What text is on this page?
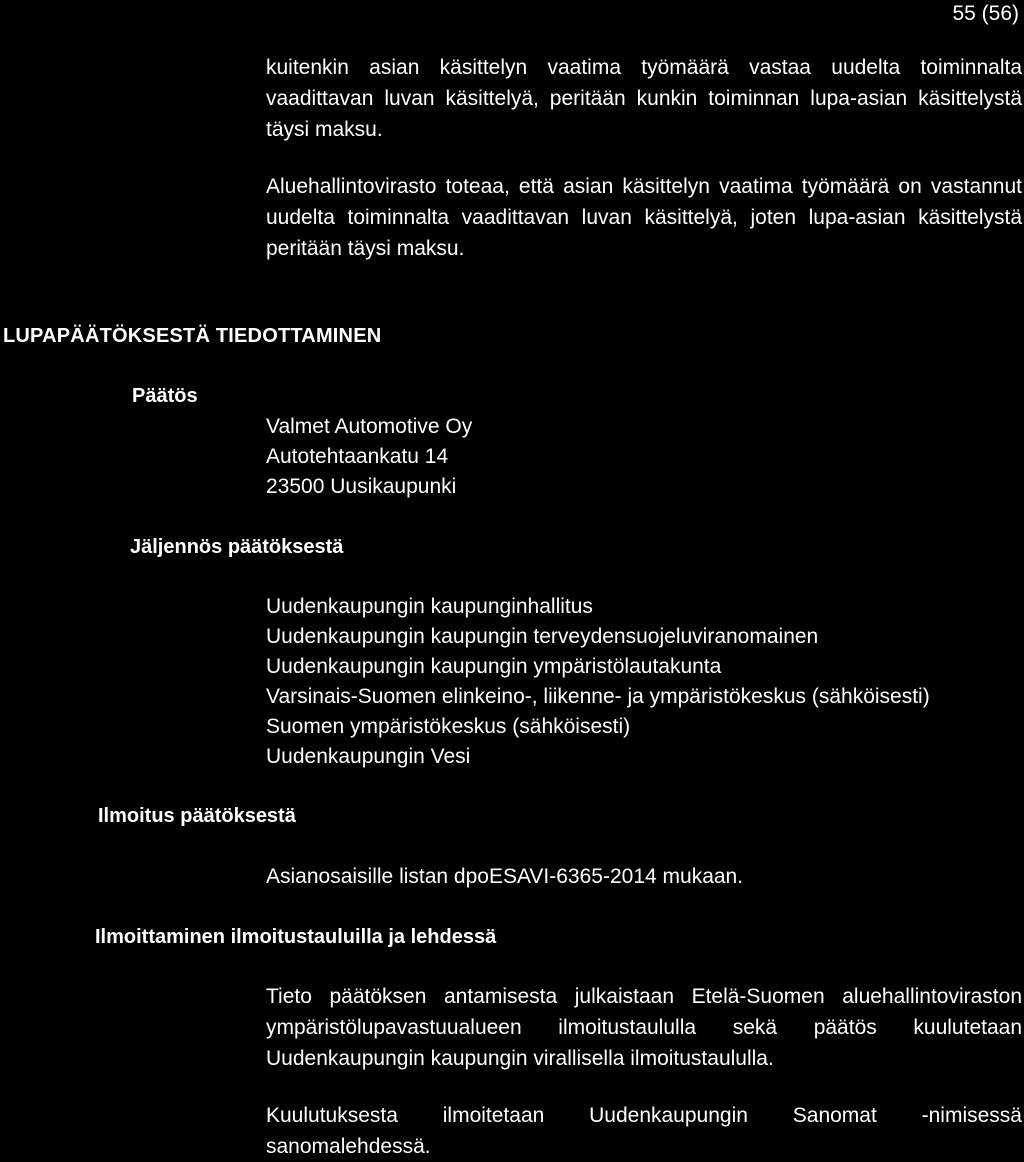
55 (56)

kuitenkin asian käsittelyn vaatima työmäärä vastaa uudelta toiminnalta vaadittavan luvan käsittelyä, peritään kunkin toiminnan lupa-asian käsittelystä täysi maksu.

Aluehallintovirasto toteaa, että asian käsittelyn vaatima työmäärä on vastannut uudelta toiminnalta vaadittavan luvan käsittelyä, joten lupa-asian käsittelystä peritään täysi maksu.

LUPAPÄÄTÖKSESTÄ TIEDOTTAMINEN
Päätös
Valmet Automotive Oy
Autotehtaankatu 14
23500 Uusikaupunki
Jäljennös päätöksestä
Uudenkaupungin kaupunginhallitus
Uudenkaupungin kaupungin terveydensuojeluviranomainen
Uudenkaupungin kaupungin ympäristölautakunta
Varsinais-Suomen elinkeino-, liikenne- ja ympäristökeskus (sähköisesti)
Suomen ympäristökeskus (sähköisesti)
Uudenkaupungin Vesi
Ilmoitus päätöksestä
Asianosaisille listan dpoESAVI-6365-2014 mukaan.
Ilmoittaminen ilmoitustauluilla ja lehdessä

Tieto päätöksen antamisesta julkaistaan Etelä-Suomen aluehallintoviraston ympäristölupavastuualueen ilmoitustaululla sekä päätös kuulutetaan Uudenkaupungin kaupungin virallisella ilmoitustaululla.

Kuulutuksesta ilmoitetaan Uudenkaupungin Sanomat -nimisessä sanomalehdessä.
